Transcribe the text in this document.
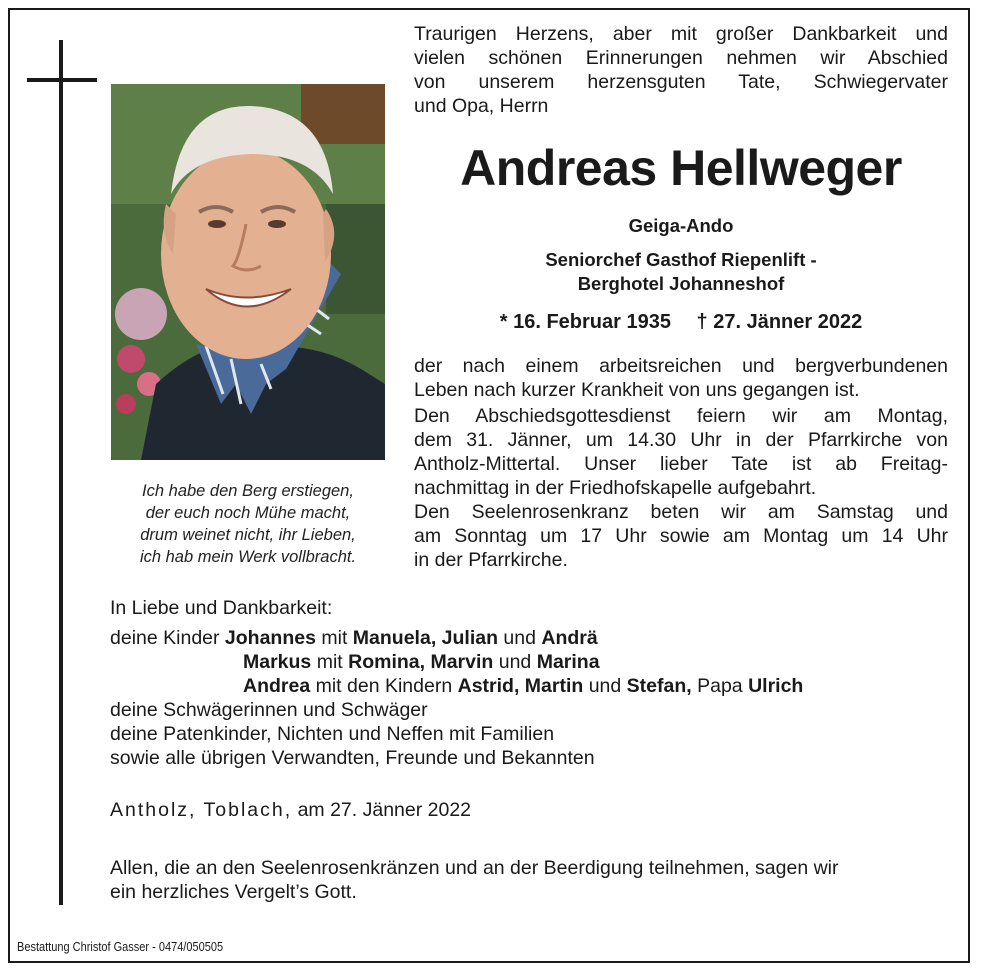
Ich habe den Berg erstiegen,
der euch noch Mühe macht,
drum weinet nicht, ihr Lieben,
ich hab mein Werk vollbracht.
Traurigen Herzens, aber mit großer Dankbarkeit und
vielen schönen Erinnerungen nehmen wir Abschied
von unserem herzensguten Tate, Schwiegervater
und Opa, Herrn
Andreas Hellweger
Geiga-Ando
Seniorchef Gasthof Riepenlift -
Berghotel Johanneshof
* 16. Februar 1935 † 27. Jänner 2022
der nach einem arbeitsreichen und bergverbundenen
Leben nach kurzer Krankheit von uns gegangen ist.
Den Abschiedsgottesdienst feiern wir am Montag,
dem 31. Jänner, um 14.30 Uhr in der Pfarrkirche von
Antholz-Mittertal. Unser lieber Tate ist ab Freitag-
nachmittag in der Friedhofskapelle aufgebahrt.
Den Seelenrosenkranz beten wir am Samstag und
am Sonntag um 17 Uhr sowie am Montag um 14 Uhr
in der Pfarrkirche.
In Liebe und Dankbarkeit:
deine Kinder Johannes mit Manuela, Julian und Andrä
Markus mit Romina, Marvin und Marina
Andrea mit den Kindern Astrid, Martin und Stefan, Papa Ulrich
deine Schwägerinnen und Schwäger
deine Patenkinder, Nichten und Neffen mit Familien
sowie alle übrigen Verwandten, Freunde und Bekannten
Antholz, Toblach, am 27. Jänner 2022
Allen, die an den Seelenrosenkränzen und an der Beerdigung teilnehmen, sagen wir
ein herzliches Vergelt’s Gott.
Bestattung Christof Gasser - 0474/050505
